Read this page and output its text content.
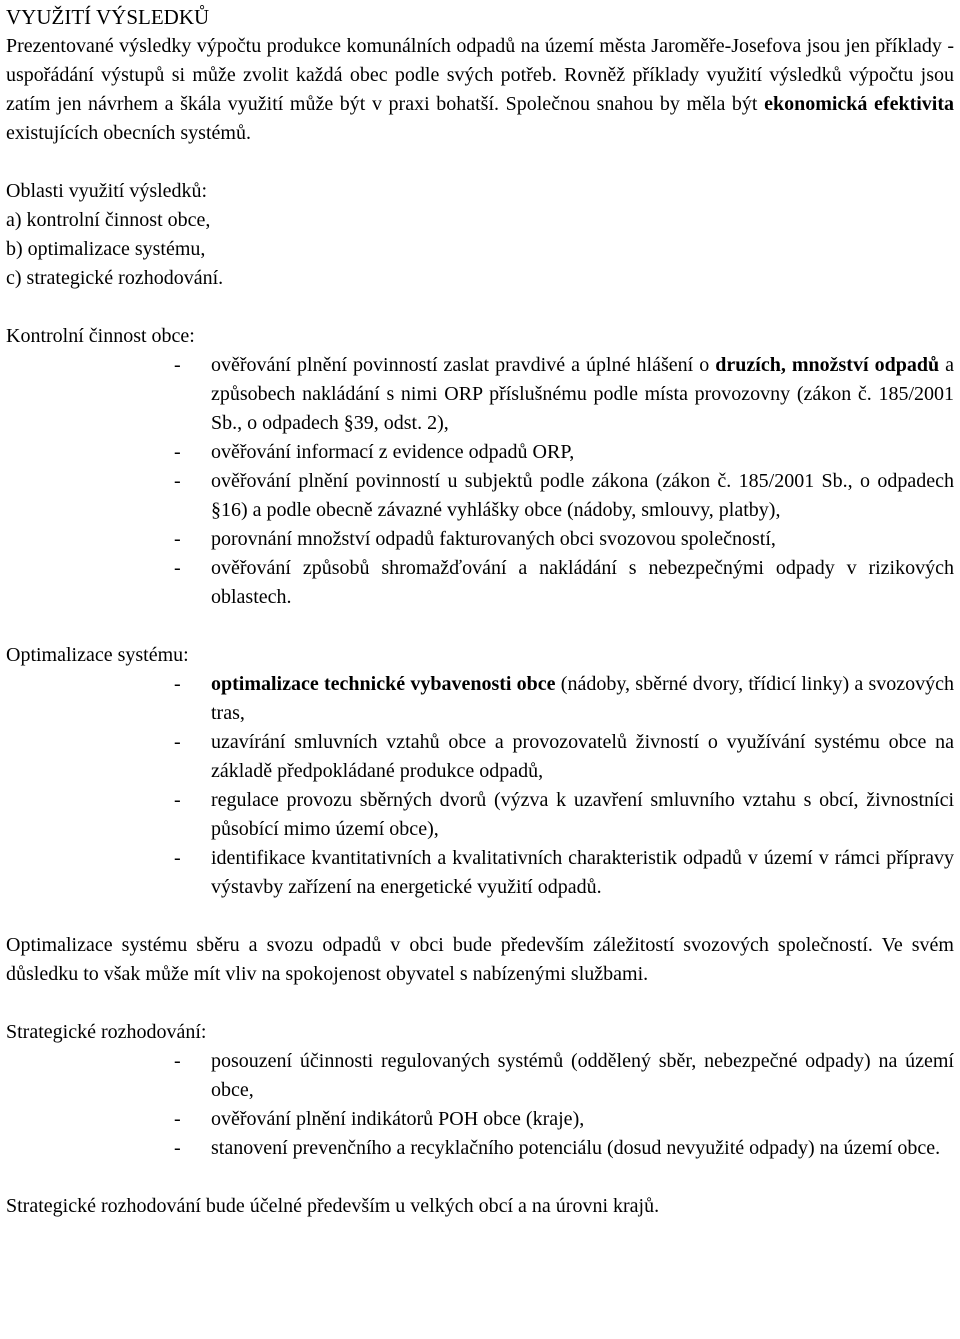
VYUŽITÍ VÝSLEDKŮ

Prezentované výsledky výpočtu produkce komunálních odpadů na území města Jaroměře-Josefova jsou jen příklady - uspořádání výstupů si může zvolit každá obec podle svých potřeb. Rovněž příklady využití výsledků výpočtu jsou zatím jen návrhem a škála využití může být v praxi bohatší. Společnou snahou by měla být ekonomická efektivita existujících obecních systémů.

Oblasti využití výsledků:

a) kontrolní činnost obce,
b) optimalizace systému,
c) strategické rozhodování.

Kontrolní činnost obce:

- ověřování plnění povinností zaslat pravdivé a úplné hlášení o druzích, množství odpadů a způsobech nakládání s nimi ORP příslušnému podle místa provozovny (zákon č. 185/2001 Sb., o odpadech §39, odst. 2),
- ověřování informací z evidence odpadů ORP,
- ověřování plnění povinností u subjektů podle zákona (zákon č. 185/2001 Sb., o odpadech §16) a podle obecně závazné vyhlášky obce (nádoby, smlouvy, platby),
- porovnání množství odpadů fakturovaných obci svozovou společností,
- ověřování způsobů shromažďování a nakládání s nebezpečnými odpady v rizikových oblastech.

Optimalizace systému:

- optimalizace technické vybavenosti obce (nádoby, sběrné dvory, třídicí linky) a svozových tras,
- uzavírání smluvních vztahů obce a provozovatelů živností o využívání systému obce na základě předpokládané produkce odpadů,
- regulace provozu sběrných dvorů (výzva k uzavření smluvního vztahu s obcí, živnostníci působící mimo území obce),
- identifikace kvantitativních a kvalitativních charakteristik odpadů v území v rámci přípravy výstavby zařízení na energetické využití odpadů.

Optimalizace systému sběru a svozu odpadů v obci bude především záležitostí svozových společností. Ve svém důsledku to však může mít vliv na spokojenost obyvatel s nabízenými službami.

Strategické rozhodování:

- posouzení účinnosti regulovaných systémů (oddělený sběr, nebezpečné odpady) na území obce,
- ověřování plnění indikátorů POH obce (kraje),
- stanovení prevenčního a recyklačního potenciálu (dosud nevyužité odpady) na území obce.

Strategické rozhodování bude účelné především u velkých obcí a na úrovni krajů.
